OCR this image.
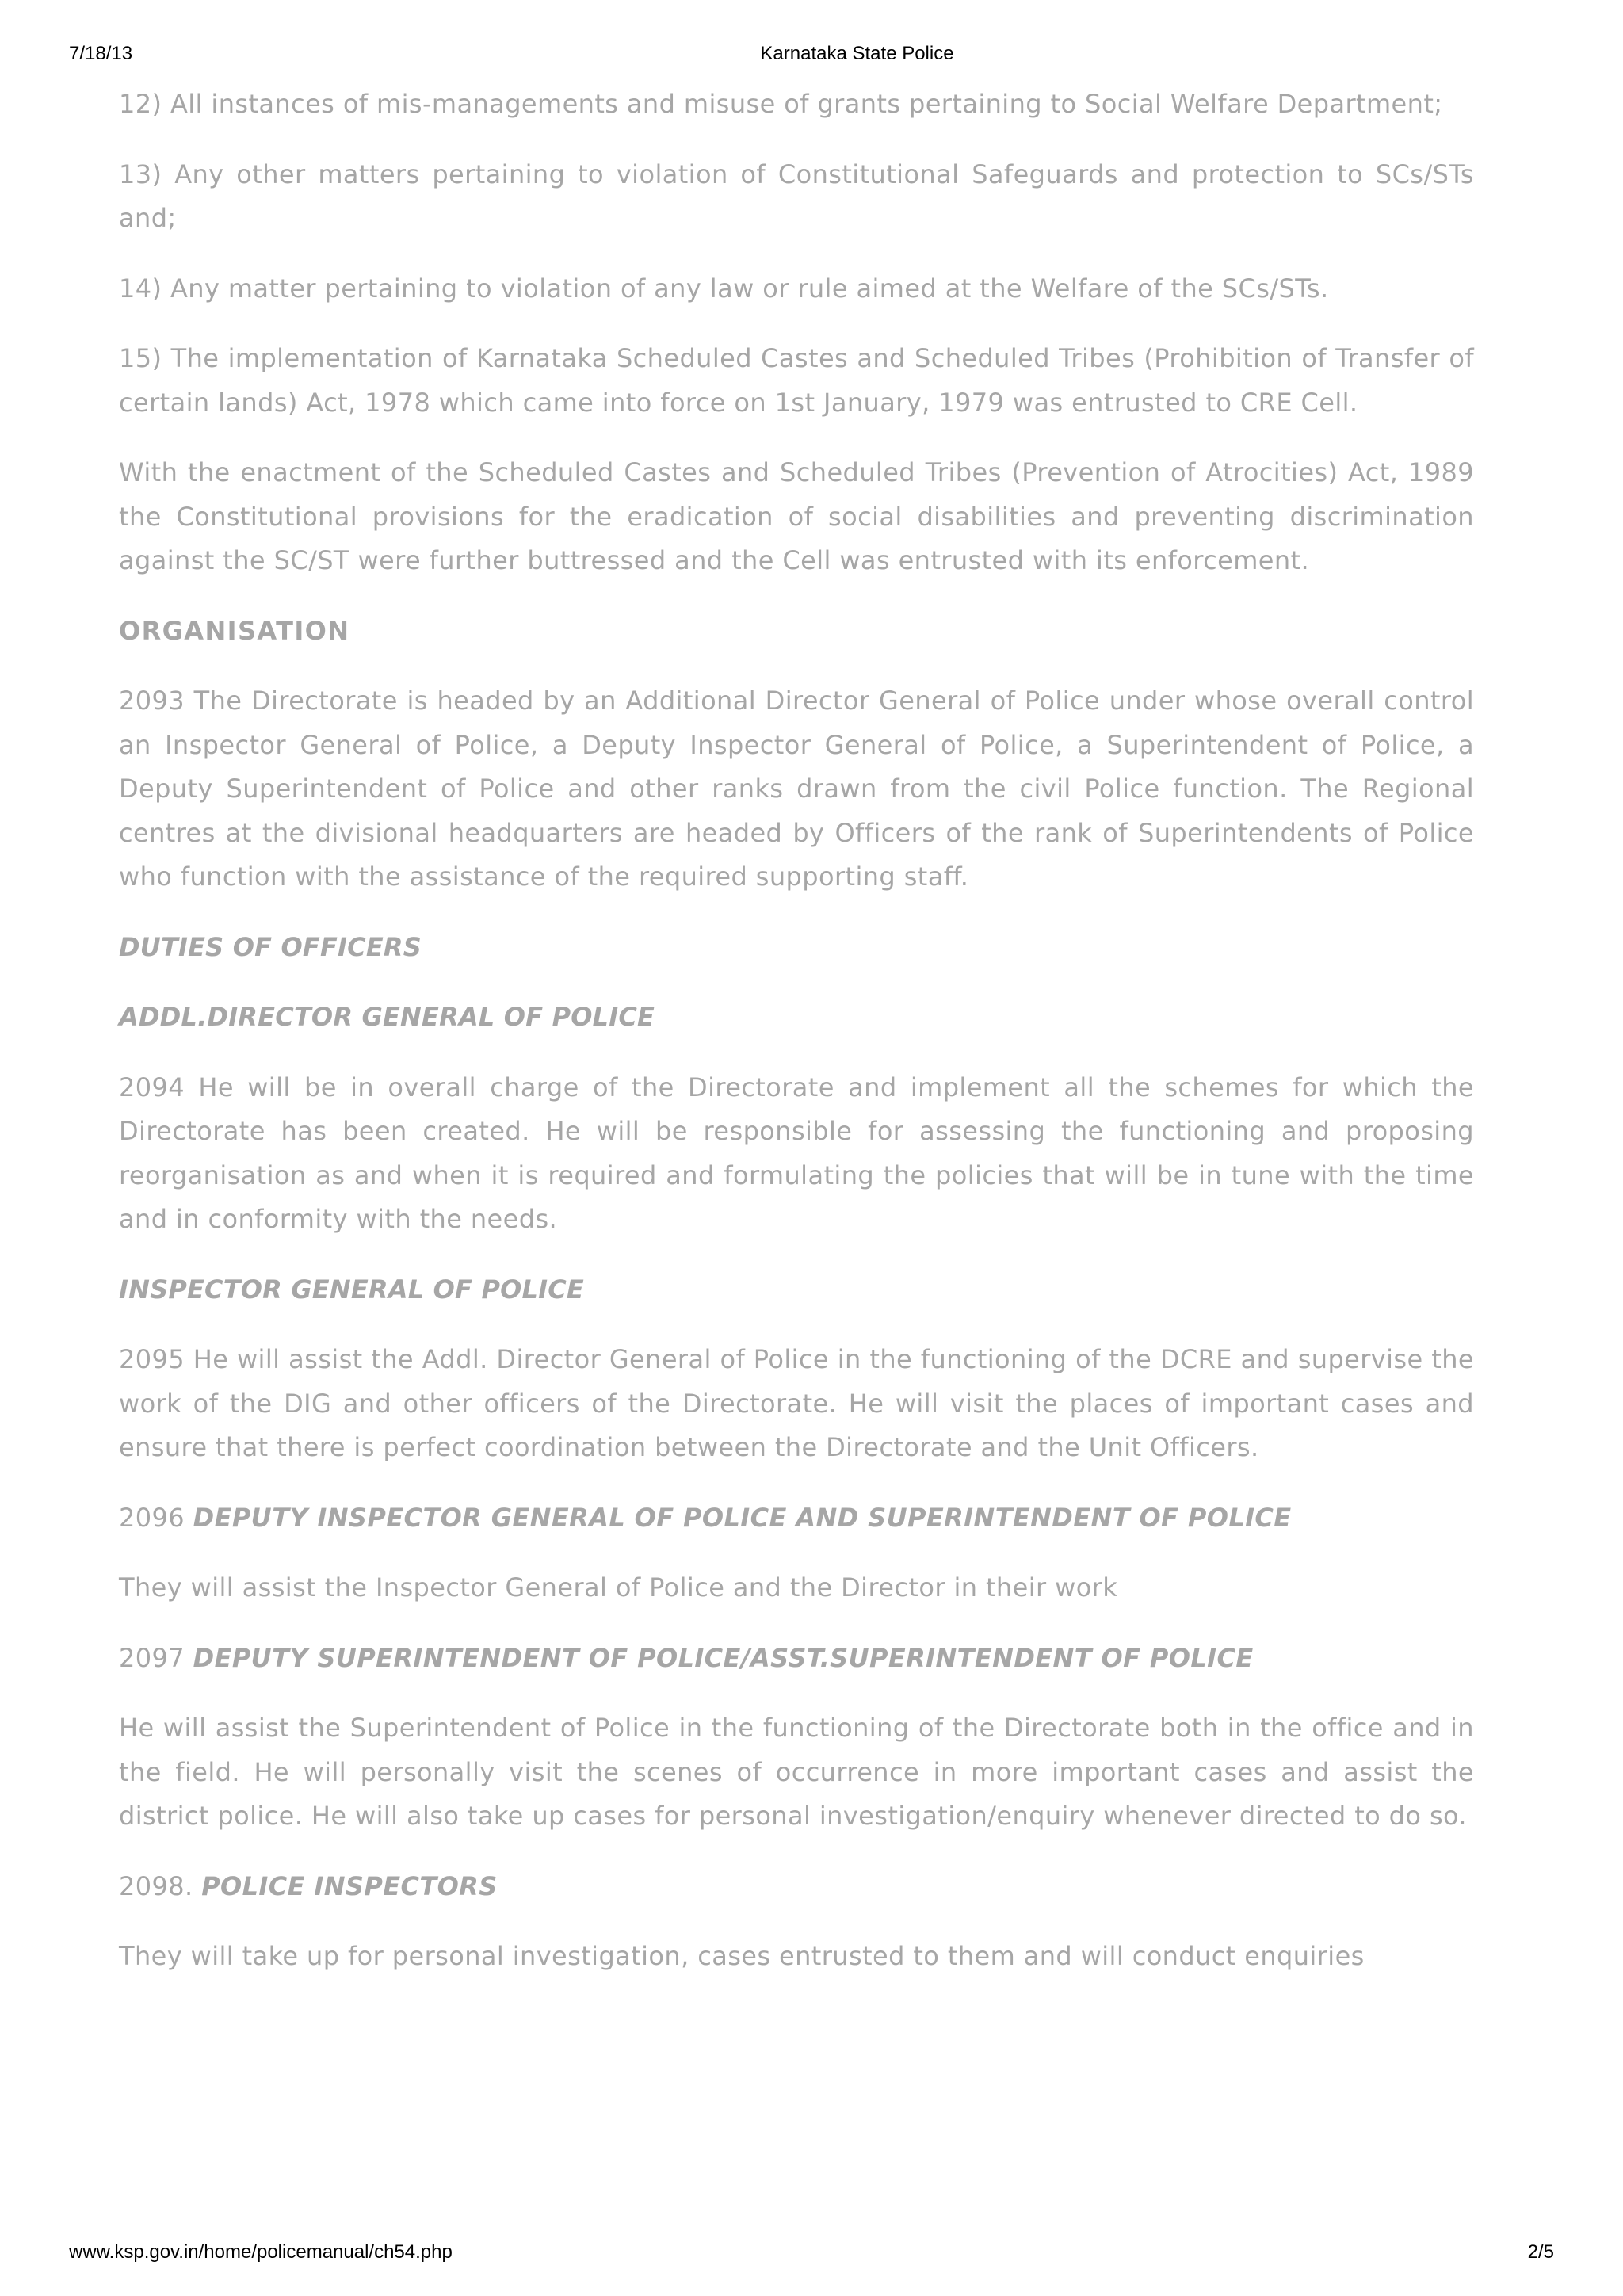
7/18/13	Karnataka State Police

12) All instances of mis-managements and misuse of grants pertaining to Social Welfare Department;

13) Any other matters pertaining to violation of Constitutional Safeguards and protection to SCs/STs and;

14) Any matter pertaining to violation of any law or rule aimed at the Welfare of the SCs/STs.

15) The implementation of Karnataka Scheduled Castes and Scheduled Tribes (Prohibition of Transfer of certain lands) Act, 1978 which came into force on 1st January, 1979 was entrusted to CRE Cell.

With the enactment of the Scheduled Castes and Scheduled Tribes (Prevention of Atrocities) Act, 1989 the Constitutional provisions for the eradication of social disabilities and preventing discrimination against the SC/ST were further buttressed and the Cell was entrusted with its enforcement.

ORGANISATION

2093 The Directorate is headed by an Additional Director General of Police under whose overall control an Inspector General of Police, a Deputy Inspector General of Police, a Superintendent of Police, a Deputy Superintendent of Police and other ranks drawn from the civil Police function. The Regional centres at the divisional headquarters are headed by Officers of the rank of Superintendents of Police who function with the assistance of the required supporting staff.

DUTIES OF OFFICERS

ADDL.DIRECTOR GENERAL OF POLICE

2094 He will be in overall charge of the Directorate and implement all the schemes for which the Directorate has been created. He will be responsible for assessing the functioning and proposing reorganisation as and when it is required and formulating the policies that will be in tune with the time and in conformity with the needs.

INSPECTOR GENERAL OF POLICE

2095 He will assist the Addl. Director General of Police in the functioning of the DCRE and supervise the work of the DIG and other officers of the Directorate. He will visit the places of important cases and ensure that there is perfect coordination between the Directorate and the Unit Officers.

2096 DEPUTY INSPECTOR GENERAL OF POLICE AND SUPERINTENDENT OF POLICE

They will assist the Inspector General of Police and the Director in their work

2097 DEPUTY SUPERINTENDENT OF POLICE/ASST.SUPERINTENDENT OF POLICE

He will assist the Superintendent of Police in the functioning of the Directorate both in the office and in the field. He will personally visit the scenes of occurrence in more important cases and assist the district police. He will also take up cases for personal investigation/enquiry whenever directed to do so.

2098. POLICE INSPECTORS

They will take up for personal investigation, cases entrusted to them and will conduct enquiries

www.ksp.gov.in/home/policemanual/ch54.php	2/5
